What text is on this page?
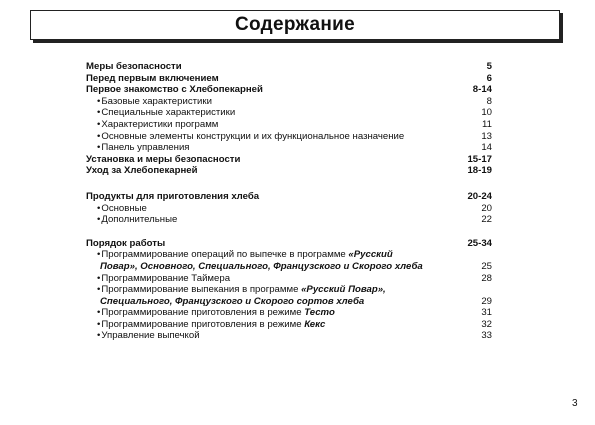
Содержание
Меры безопасности	5
Перед первым включением	6
Первое знакомство с Хлебопекарней	8-14
• Базовые характеристики	8
• Специальные характеристики	10
• Характеристики программ	11
• Основные элементы конструкции и их функциональное назначение	13
• Панель управления	14
Установка и меры безопасности	15-17
Уход за Хлебопекарней	18-19
Продукты для приготовления хлеба	20-24
• Основные	20
• Дополнительные	22
Порядок работы	25-34
• Программирование операций по выпечке в программе «Русский
Повар», Основного, Специального, Французского и Скорого хлеба	25
• Программирование Таймера	28
• Программирование выпекания в программе «Русский Повар»,
Специального, Французского и Скорого сортов хлеба	29
• Программирование приготовления в режиме Тесто	31
• Программирование приготовления в режиме Кекс	32
• Управление выпечкой	33
3
